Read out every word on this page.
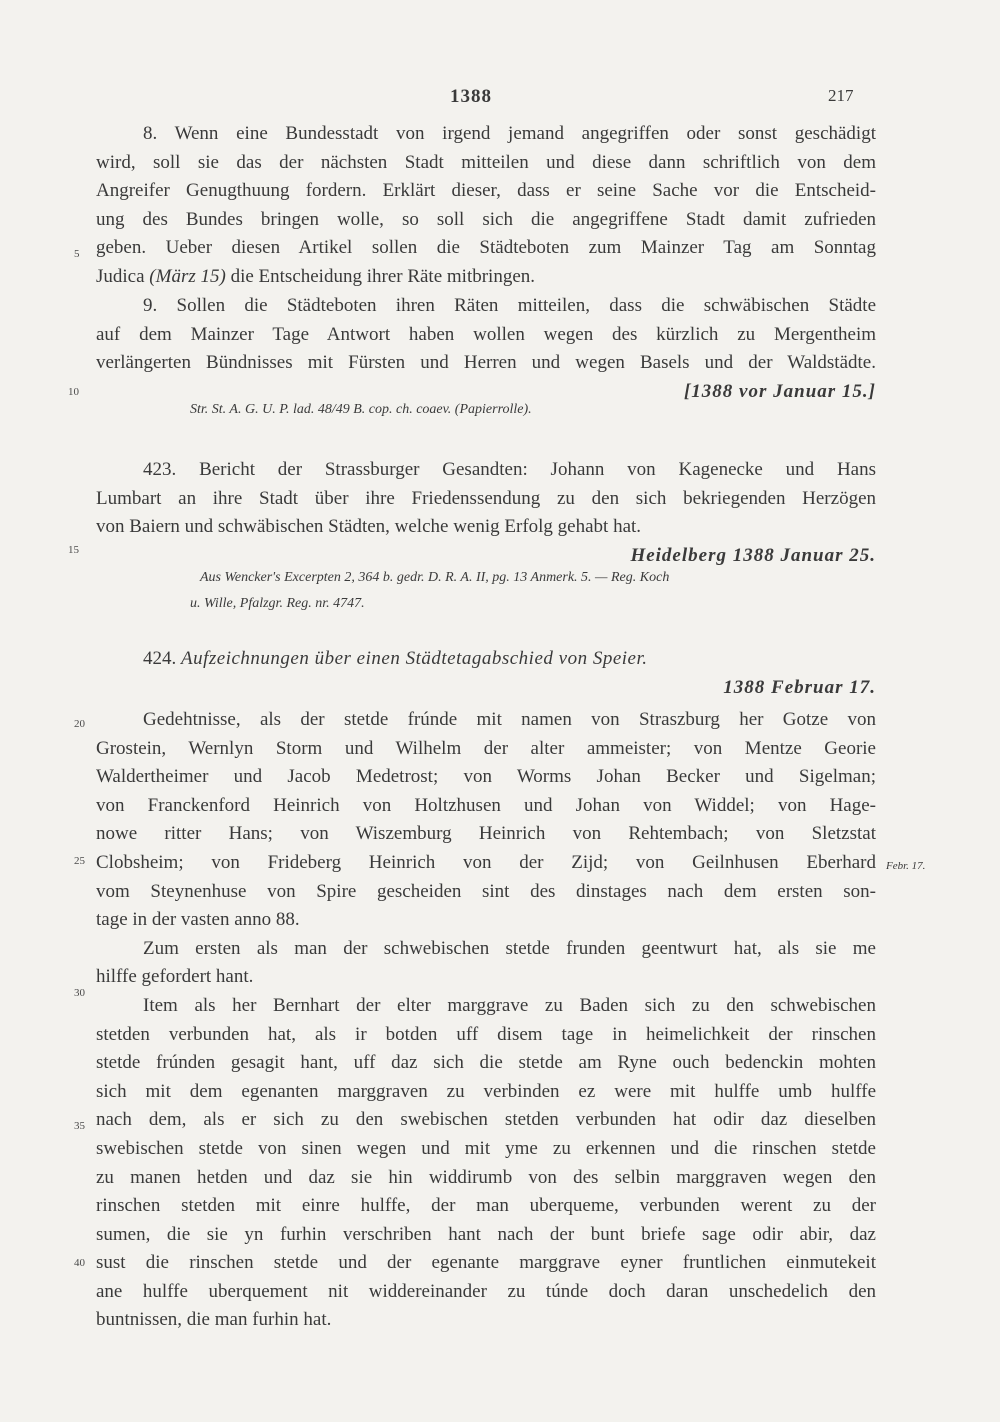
1388	217
8. Wenn eine Bundesstadt von irgend jemand angegriffen oder sonst geschädigt
wird, soll sie das der nächsten Stadt mitteilen und diese dann schriftlich von dem
Angreifer Genugthuung fordern. Erklärt dieser, dass er seine Sache vor die Entscheid-
ung des Bundes bringen wolle, so soll sich die angegriffene Stadt damit zufrieden
geben. Ueber diesen Artikel sollen die Städteboten zum Mainzer Tag am Sonntag
Judica (März 15) die Entscheidung ihrer Räte mitbringen.
9. Sollen die Städteboten ihren Räten mitteilen, dass die schwäbischen Städte
auf dem Mainzer Tage Antwort haben wollen wegen des kürzlich zu Mergentheim
verlängerten Bündnisses mit Fürsten und Herren und wegen Basels und der Waldstädte.
[1388 vor Januar 15.]
Str. St. A. G. U. P. lad. 48/49 B. cop. ch. coaev. (Papierrolle).
423. Bericht der Strassburger Gesandten: Johann von Kagenecke und Hans
Lumbart an ihre Stadt über ihre Friedenssendung zu den sich bekriegenden Herzögen
von Baiern und schwäbischen Städten, welche wenig Erfolg gehabt hat.
Heidelberg 1388 Januar 25.
Aus Wencker's Excerpten 2, 364 b. gedr. D. R. A. II, pg. 13 Anmerk. 5. — Reg. Koch
u. Wille, Pfalzgr. Reg. nr. 4747.
424. Aufzeichnungen über einen Städtetagabschied von Speier.
1388 Februar 17.
Gedehtnisse, als der stetde frúnde mit namen von Straszburg her Gotze von
Grostein, Wernlyn Storm und Wilhelm der alter ammeister; von Mentze Georie
Waldertheimer und Jacob Medetrost; von Worms Johan Becker und Sigelman;
von Franckenford Heinrich von Holtzhusen und Johan von Widdel; von Hage-
nowe ritter Hans; von Wiszemburg Heinrich von Rehtembach; von Sletzstat
Clobsheim; von Frideberg Heinrich von der Zijd; von Geilnhusen Eberhard
vom Steynenhuse von Spire gescheiden sint des dinstages nach dem ersten son-
tage in der vasten anno 88.
Zum ersten als man der schwebischen stetde frunden geentwurt hat, als sie me
hilffe gefordert hant.
Item als her Bernhart der elter marggrave zu Baden sich zu den schwebischen
stetden verbunden hat, als ir botden uff disem tage in heimelichkeit der rinschen
stetde frúnden gesagit hant, uff daz sich die stetde am Ryne ouch bedenckin mohten
sich mit dem egenanten marggraven zu verbinden ez were mit hulffe umb hulffe
nach dem, als er sich zu den swebischen stetden verbunden hat odir daz dieselben
swebischen stetde von sinen wegen und mit yme zu erkennen und die rinschen stetde
zu manen hetden und daz sie hin widdirumb von des selbin marggraven wegen den
rinschen stetden mit einre hulffe, der man uberqueme, verbunden werent zu der
sumen, die sie yn furhin verschriben hant nach der bunt briefe sage odir abir, daz
sust die rinschen stetde und der egenante marggrave eyner fruntlichen einmutekeit
ane hulffe uberquement nit widdereinander zu túnde doch daran unschedelich den
buntnissen, die man furhin hat.
5
10
15
20
25
30
35
40
Febr. 17.
